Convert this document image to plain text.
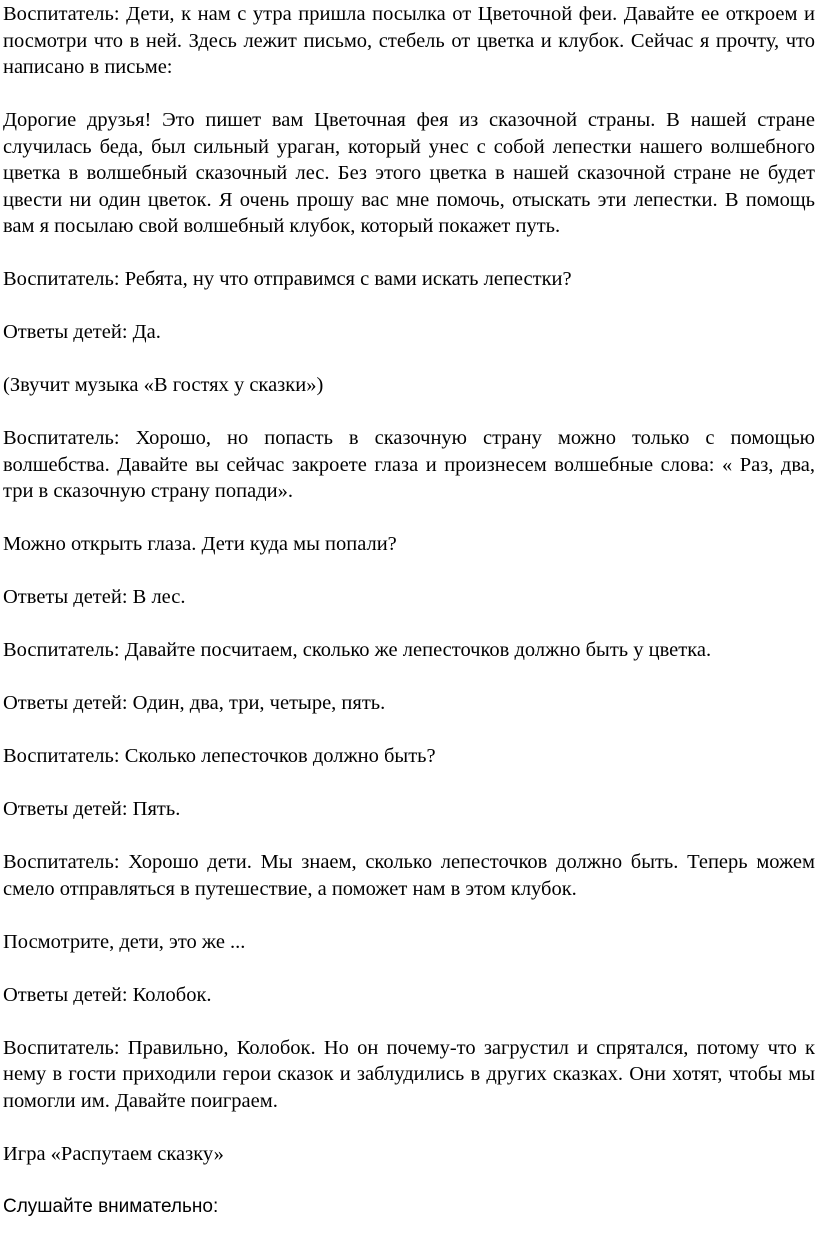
Воспитатель: Дети, к нам с утра пришла посылка от Цветочной феи. Давайте ее откроем и посмотри что в ней. Здесь лежит письмо, стебель от цветка и клубок. Сейчас я прочту, что написано в письме:

Дорогие друзья! Это пишет вам Цветочная фея из сказочной страны. В нашей стране случилась беда, был сильный ураган, который унес с собой лепестки нашего волшебного цветка в волшебный сказочный лес. Без этого цветка в нашей сказочной стране не будет цвести ни один цветок. Я очень прошу вас мне помочь, отыскать эти лепестки. В помощь вам я посылаю свой волшебный клубок, который покажет путь.

Воспитатель: Ребята, ну что отправимся с вами искать лепестки?

Ответы детей: Да.

(Звучит музыка «В гостях у сказки»)

Воспитатель: Хорошо, но попасть в сказочную страну можно только с помощью волшебства. Давайте вы сейчас закроете глаза и произнесем волшебные слова: « Раз, два, три в сказочную страну попади».

Можно открыть глаза. Дети куда мы попали?

Ответы детей: В лес.

Воспитатель: Давайте посчитаем, сколько же лепесточков должно быть у цветка.

Ответы детей: Один, два, три, четыре, пять.

Воспитатель: Сколько лепесточков должно быть?

Ответы детей: Пять.

Воспитатель: Хорошо дети. Мы знаем, сколько лепесточков должно быть. Теперь можем смело отправляться в путешествие, а поможет нам в этом клубок.

Посмотрите, дети, это же ...

Ответы детей: Колобок.

Воспитатель: Правильно, Колобок. Но он почему-то загрустил и спрятался, потому что к нему в гости приходили герои сказок и заблудились в других сказках. Они хотят, чтобы мы помогли им. Давайте поиграем.

Игра «Распутаем сказку»

Слушайте внимательно:
